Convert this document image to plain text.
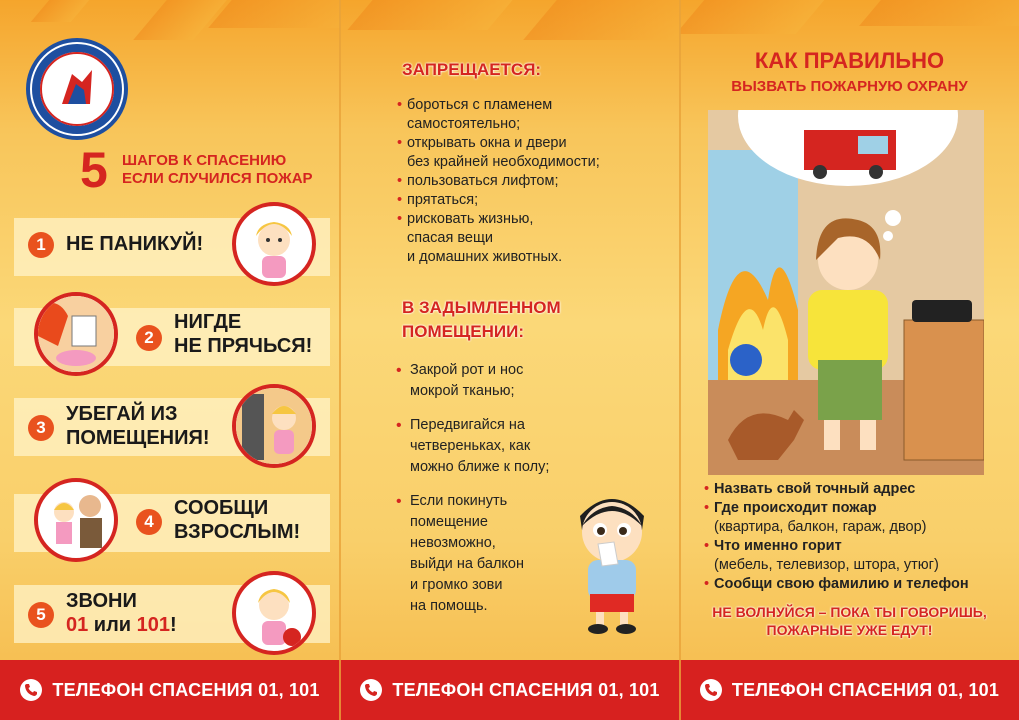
1649-2019
5 ШАГОВ К СПАСЕНИЮ
ЕСЛИ СЛУЧИЛСЯ ПОЖАР
1	НЕ ПАНИКУЙ!
2
НИГДЕ
НЕ ПРЯЧЬСЯ!
3
УБЕГАЙ ИЗ
ПОМЕЩЕНИЯ!
4
СООБЩИ
ВЗРОСЛЫМ!
5
ЗВОНИ
01 или 101!
ТЕЛЕФОН СПАСЕНИЯ 01, 101
ЗАПРЕЩАЕТСЯ:
• бороться с пламенем
самостоятельно;
• открывать окна и двери
без крайней необходимости;
• пользоваться лифтом;
• прятаться;
• рисковать жизнью,
спасая вещи
и домашних животных.
В ЗАДЫМЛЕННОМ
ПОМЕЩЕНИИ:
• Закрой рот и нос
мокрой тканью;
• Передвигайся на
четвереньках, как
можно ближе к полу;
• Если покинуть
помещение
невозможно,
выйди на балкон
и громко зови
на помощь.
ТЕЛЕФОН СПАСЕНИЯ 01, 101
КАК ПРАВИЛЬНО
ВЫЗВАТЬ ПОЖАРНУЮ ОХРАНУ
01
• Назвать свой точный адрес
• Где происходит пожар
(квартира, балкон, гараж, двор)
• Что именно горит
(мебель, телевизор, штора, утюг)
• Сообщи свою фамилию и телефон
НЕ ВОЛНУЙСЯ – ПОКА ТЫ ГОВОРИШЬ,
ПОЖАРНЫЕ УЖЕ ЕДУТ!
ТЕЛЕФОН СПАСЕНИЯ 01, 101
